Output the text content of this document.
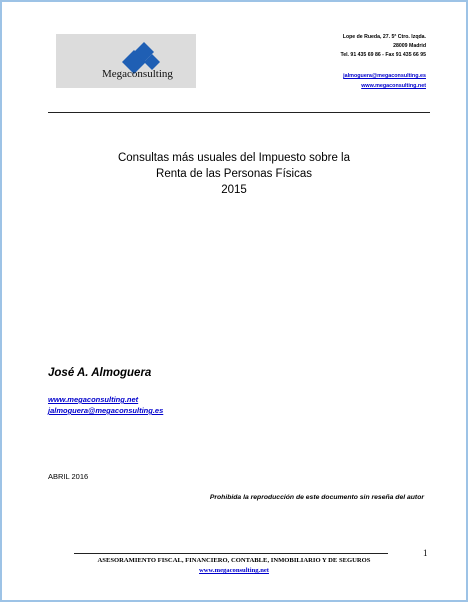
Megaconsulting
Lope de Rueda, 27. 5ª Ctro. Izqda.
28009 Madrid
Tel. 91 435 69 86 - Fax 91 435 66 95
jalmoguera@megaconsulting.es
www.megaconsulting.net
Consultas más usuales del Impuesto sobre la
Renta de las Personas Físicas
2015
José A. Almoguera
www.megaconsulting.net
jalmoguera@megaconsulting.es
ABRIL 2016
Prohibida la reproducción de este documento sin reseña del autor
1
ASESORAMIENTO FISCAL, FINANCIERO, CONTABLE, INMOBILIARIO Y DE SEGUROS
www.megaconsulting.net
